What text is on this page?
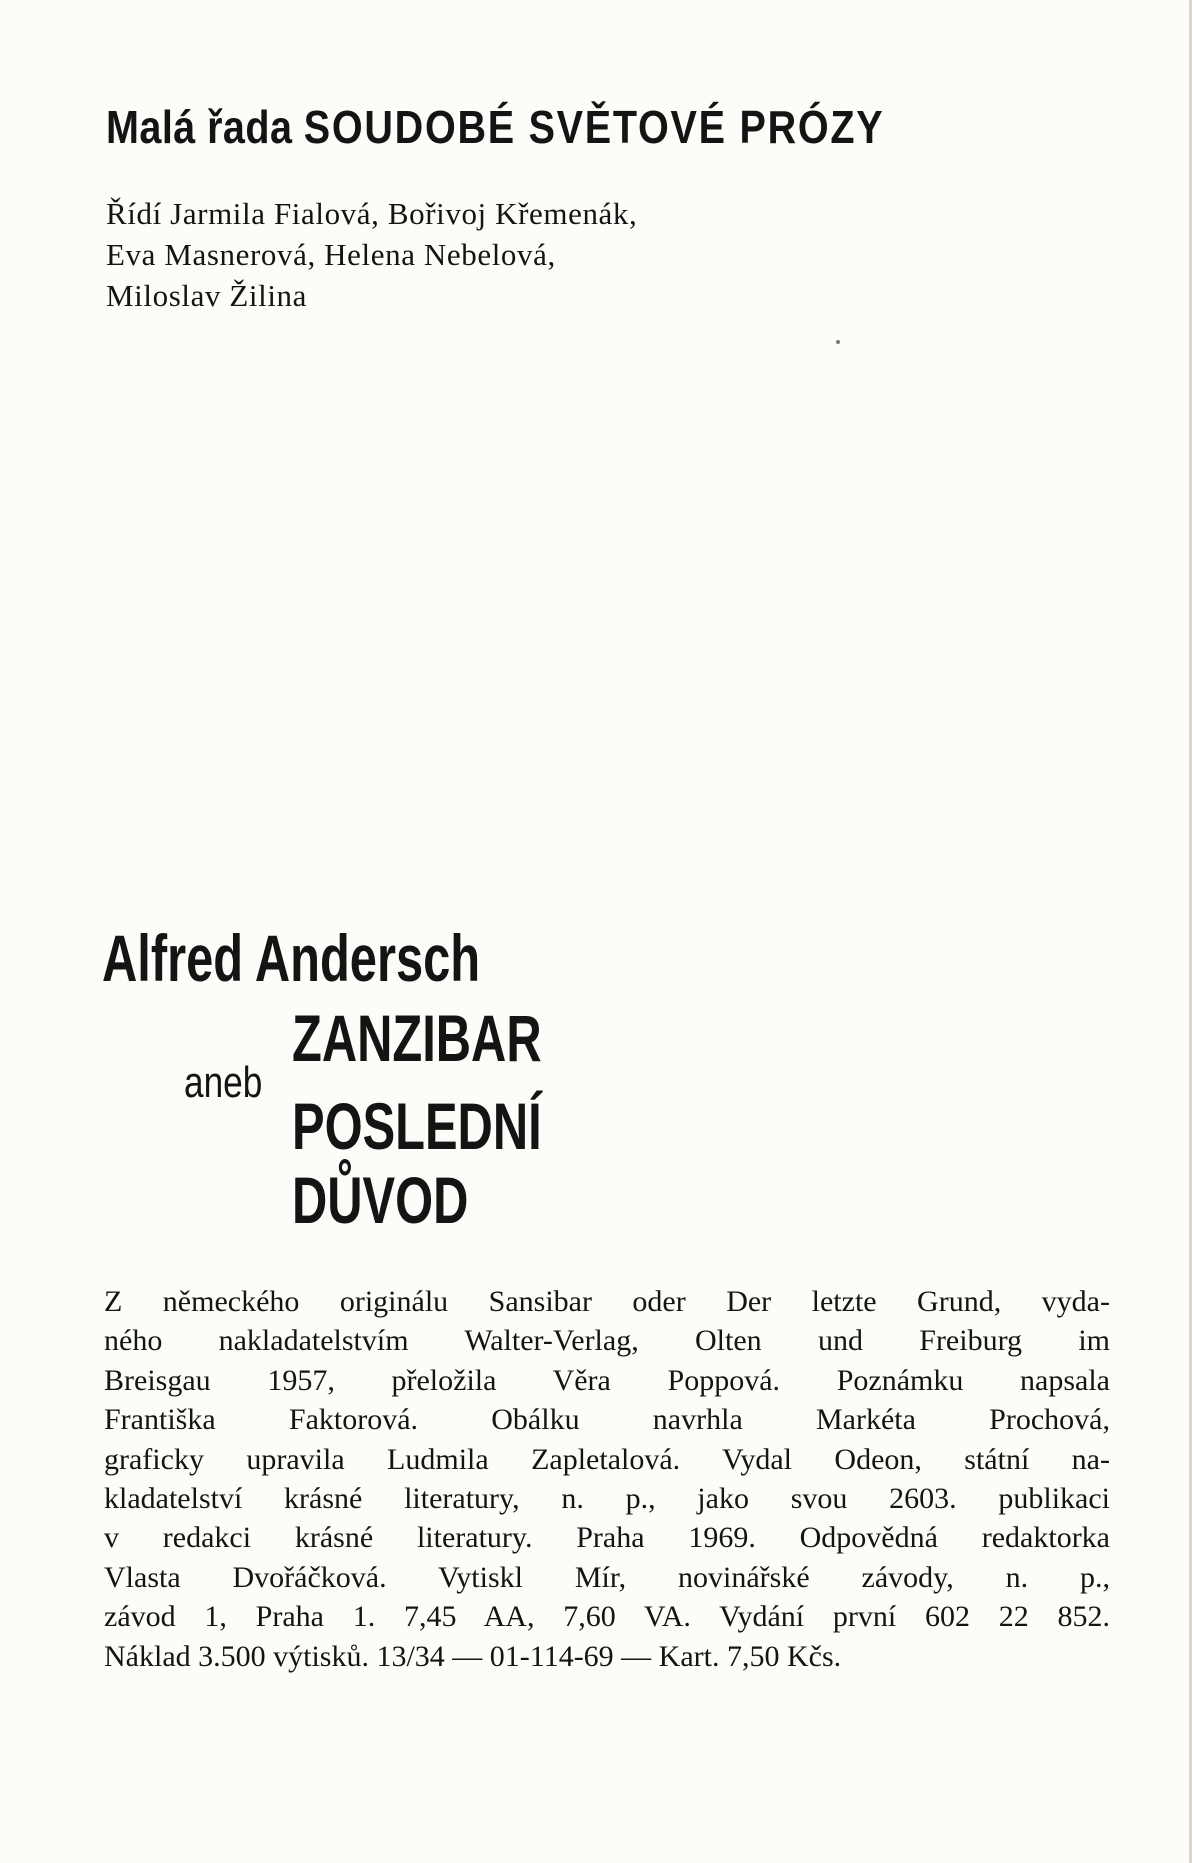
Malá řada SOUDOBÉ SVĚTOVÉ PRÓZY
Řídí Jarmila Fialová, Bořivoj Křemenák,
Eva Masnerová, Helena Nebelová,
Miloslav Žilina
Alfred Andersch
ZANZIBAR
aneb
POSLEDNÍ
DŮVOD
Z německého originálu Sansibar oder Der letzte Grund, vyda-
ného nakladatelstvím Walter-Verlag, Olten und Freiburg im
Breisgau 1957, přeložila Věra Poppová. Poznámku napsala
Františka Faktorová. Obálku navrhla Markéta Prochová,
graficky upravila Ludmila Zapletalová. Vydal Odeon, státní na-
kladatelství krásné literatury, n. p., jako svou 2603. publikaci
v redakci krásné literatury. Praha 1969. Odpovědná redaktorka
Vlasta Dvořáčková. Vytiskl Mír, novinářské závody, n. p.,
závod 1, Praha 1. 7,45 AA, 7,60 VA. Vydání první 602 22 852.
Náklad 3.500 výtisků. 13/34 — 01-114-69 — Kart. 7,50 Kčs.
